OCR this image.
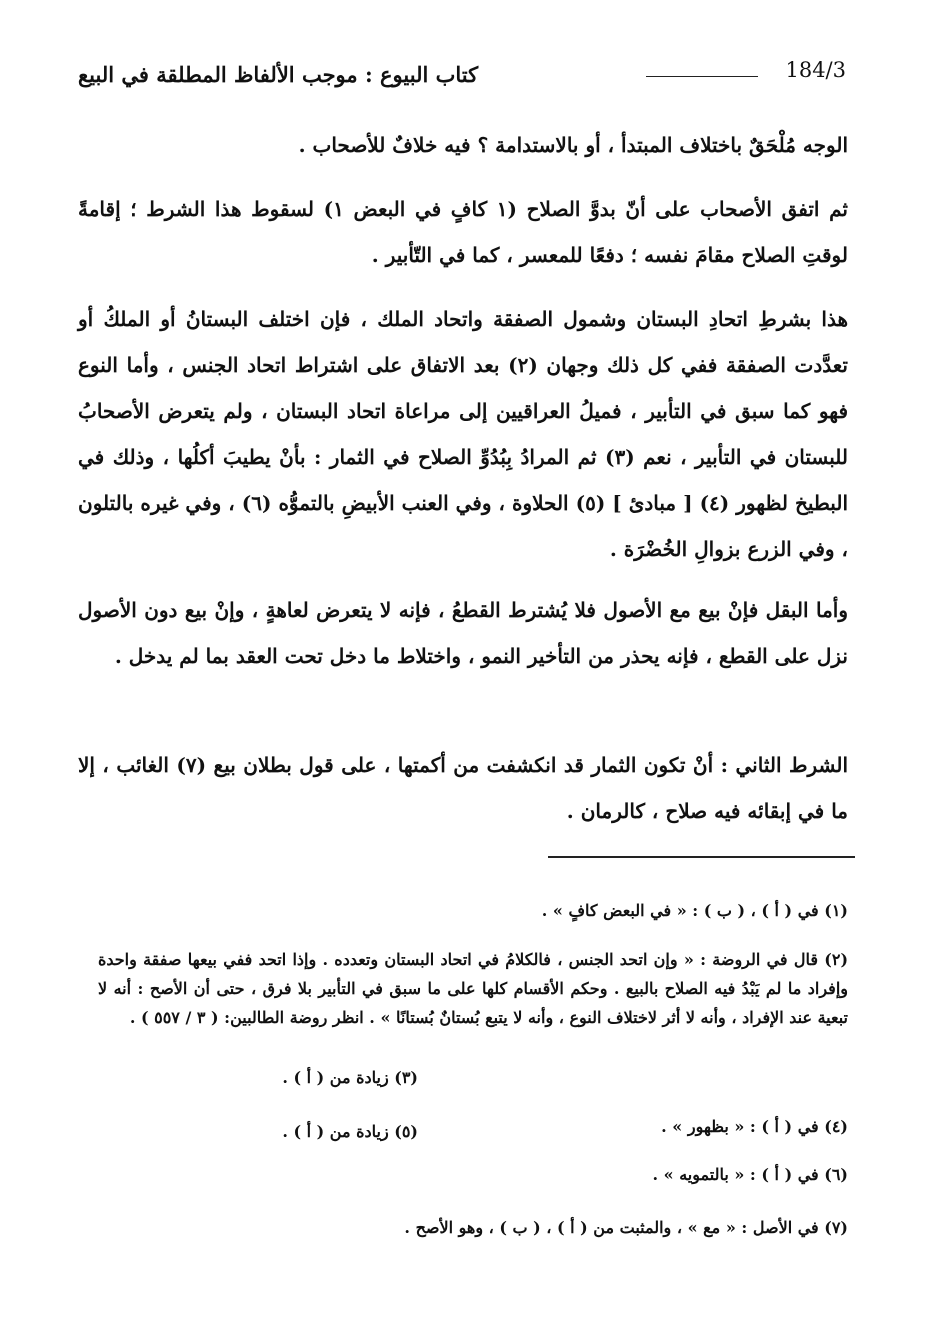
184/3
كتاب البيوع : موجب الألفاظ المطلقة في البيع

الوجه مُلْحَقٌ باختلاف المبتدأ ، أو بالاستدامة ؟ فيه خلافٌ للأصحاب .

ثم اتفق الأصحاب على أنّ بدوَّ الصلاح (١ كافٍ في البعض ١) لسقوط هذا الشرط ؛ إقامةً لوقتِ الصلاح مقامَ نفسه ؛ دفعًا للمعسر ، كما في التّأبير .

هذا بشرطِ اتحادِ البستان وشمول الصفقة واتحاد الملك ، فإن اختلف البستانُ أو الملكُ أو تعدَّدت الصفقة ففي كل ذلك وجهان (٢) بعد الاتفاق على اشتراط اتحاد الجنس ، وأما النوع فهو كما سبق في التأبير ، فميلُ العراقيين إلى مراعاة اتحاد البستان ، ولم يتعرض الأصحابُ للبستان في التأبير ، نعم (٣) ثم المرادُ بِبُدُوِّ الصلاح في الثمار : بأنْ يطيبَ أكلُها ، وذلك في البطيخ لظهور (٤) [ مبادئ ] (٥) الحلاوة ، وفي العنب الأبيضِ بالتموُّه (٦) ، وفي غيره بالتلون ، وفي الزرع بزوالِ الخُضْرَة .

وأما البقل فإنْ بيع مع الأصول فلا يُشترط القطعُ ، فإنه لا يتعرض لعاهةٍ ، وإنْ بيع دون الأصول نزل على القطع ، فإنه يحذر من التأخير النمو ، واختلاط ما دخل تحت العقد بما لم يدخل .

الشرط الثاني : أنْ تكون الثمار قد انكشفت من أكمتها ، على قول بطلان بيع (٧) الغائب ، إلا ما في إبقائه فيه صلاح ، كالرمان .

(١) في ( أ ) ، ( ب ) : « في البعض كافٍ » .

(٢) قال في الروضة : « وإن اتحد الجنس ، فالكلامُ في اتحاد البستان وتعدده . وإذا اتحد ففي بيعها صفقة واحدة وإفراد ما لم يَبْدُ فيه الصلاح بالبيع . وحكم الأقسام كلها على ما سبق في التأبير بلا فرق ، حتى أن الأصح : أنه لا تبعية عند الإفراد ، وأنه لا أثر لاختلاف النوع ، وأنه لا يتبع بُستانٌ بُستانًا » . انظر روضة الطالبين: ( ٣ / ٥٥٧ ) .

(٣) زيادة من ( أ ) .
(٤) في ( أ ) : « بظهور » .
(٥) زيادة من ( أ ) .
(٦) في ( أ ) : « بالتمويه » .
(٧) في الأصل : « مع » ، والمثبت من ( أ ) ، ( ب ) ، وهو الأصح .
